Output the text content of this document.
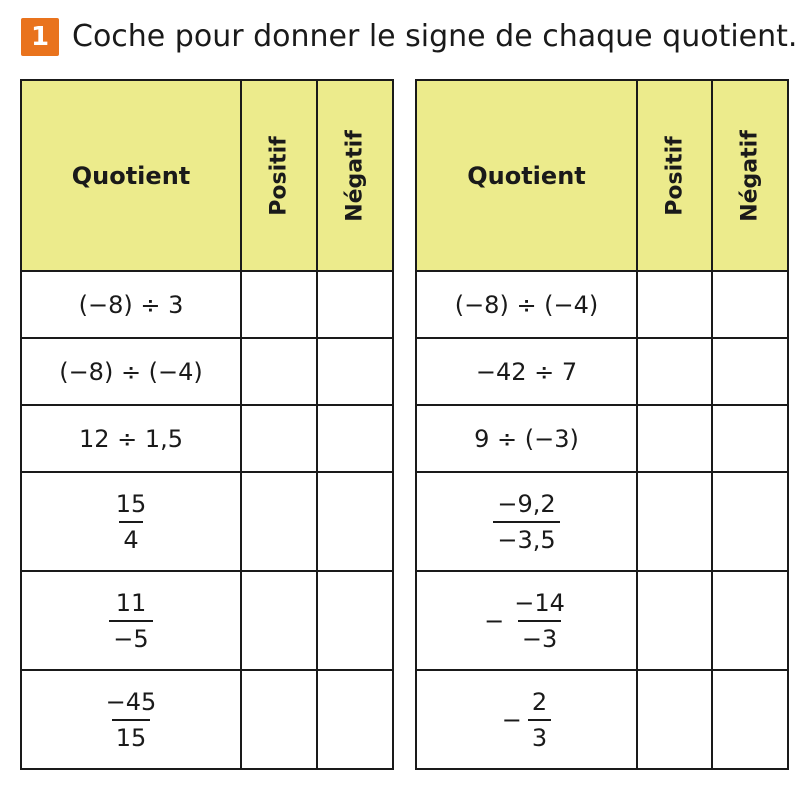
1 Coche pour donner le signe de chaque quotient.
Quotient	Positif	Négatif

(−8) ÷ 3		
(−8) ÷ (−4)		
12 ÷ 1,5		

$\frac{15}{4}$

$\frac{11}{-5}$

$\frac{-45}{15}$

Quotient	Positif	Négatif

(−8) ÷ (−4)		
−42 ÷ 7		
9 ÷ (−3)		

$\frac{-9,2}{-3,5}$

− $\frac{-14}{-3}$

− $\frac{2}{3}$
